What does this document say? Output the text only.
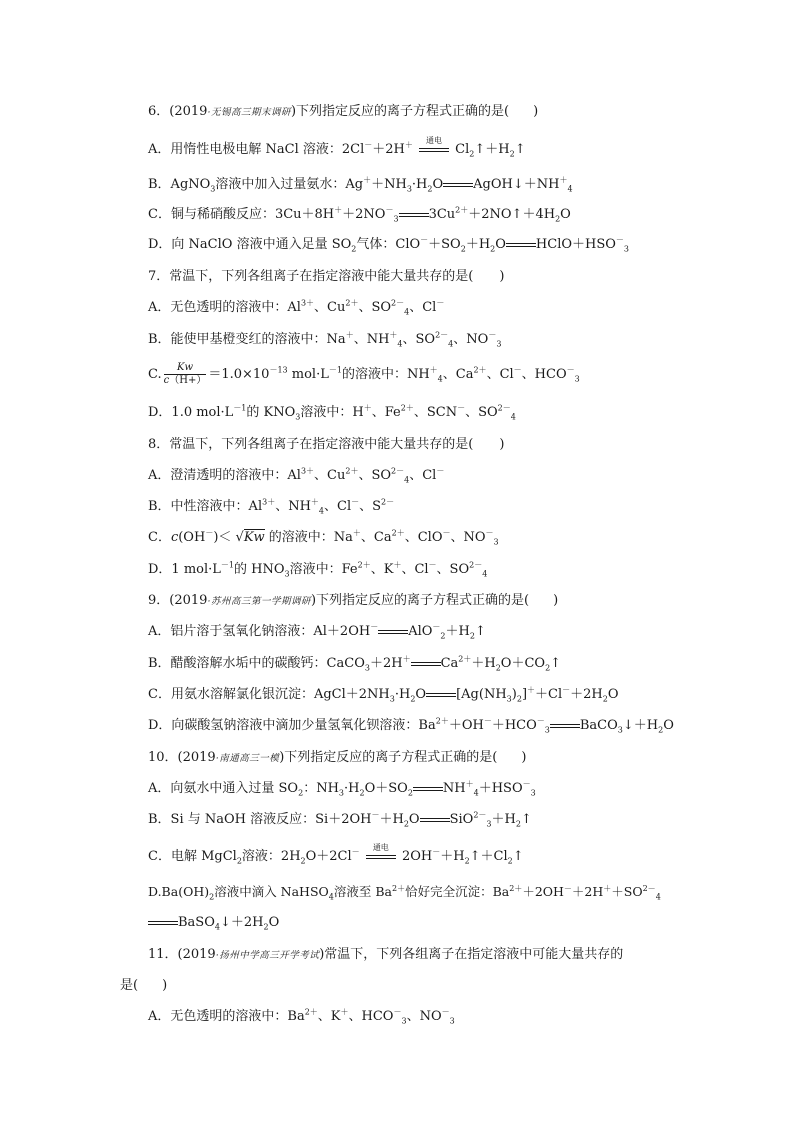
6．(2019·无锡高三期末调研)下列指定反应的离子方程式正确的是( )
A．用惰性电极电解 NaCl 溶液：2Cl－＋2H＋
通电
$Cl_2↑+H_2↑$
B．AgNO$_3$溶液中加入过量氨水：$Ag^++NH_3\cdot H_2O$ $AgOH↓+NH^+_4$
C．铜与稀硝酸反应：$3Cu+8H^++2NO^-_3$ $3Cu^{2+}+2NO↑+4H_2O$
D．向 NaClO 溶液中通入足量 $SO_2$气体：$ClO^-+SO_2+H_2O$ $HClO+HSO^-_3$
7．常温下，下列各组离子在指定溶液中能大量共存的是(　　)
A．无色透明的溶液中：$Al^{3+}$、$Cu^{2+}$、$SO^{2-}_4$、Cl－
B．能使甲基橙变红的溶液中：Na＋、$NH^+_4$、$SO^{2-}_4$、$NO^-_3$
C. $\frac{Kw}{c(H+)} =1.0\times 10^{-13}$ $mol\cdot L^{-1}$的溶液中：$NH^+_4$、$Ca^{2+}$、Cl－、$HCO^-_3$
D．1.0 $mol\cdot L^{-1}$的 $KNO_3$溶液中：H＋、$Fe^{2+}$、SCN－、$SO^{2-}_4$
8．常温下，下列各组离子在指定溶液中能大量共存的是(　　)
A．澄清透明的溶液中：$Al^{3+}$、$Cu^{2+}$、$SO^{2-}_4$、Cl－
B．中性溶液中：$Al^{3+}$、$NH^+_4$、Cl－、$S^{2-}$
C．c(OH－)＜ √Kw 的溶液中：Na＋、$Ca^{2+}$、ClO－、$NO^-_3$
D．1 $mol\cdot L^{-1}$的 $HNO_3$溶液中：$Fe^{2+}$、K＋、Cl－、$SO^{2-}_4$
9．(2019·苏州高三第一学期调研)下列指定反应的离子方程式正确的是( )
A．铝片溶于氢氧化钠溶液：Al＋2OH－ $AlO^-_2+H_2↑$
B．醋酸溶解水垢中的碳酸钙：CaCO$_3$＋2H＋ $Ca^{2+}+H_2O+CO_2↑$
C．用氨水溶解氯化银沉淀：$AgCl+2NH_3\cdot H_2O$ $[Ag(NH_3)_2]^++Cl^-+2H_2O$
D．向碳酸氢钠溶液中滴加少量氢氧化钡溶液：$Ba^{2+}+OH^-+HCO^-_3$ $BaCO_3↓+H_2O$
10．(2019·南通高三一模)下列指定反应的离子方程式正确的是( )
A．向氨水中通入过量 $SO_2$：$NH_3\cdot H_2O+SO_2$ $NH^+_4+HSO^-_3$
B．Si 与 NaOH 溶液反应：$Si+2OH^-+H_2O$ $SiO^{2-}_3+H_2↑$
C．电解 MgCl$_2$溶液：$2H_2O+2Cl^-$
通电
$2OH^-+H_2↑+Cl_2↑$
$D.Ba(OH)_2$溶液中滴入 NaHSO$_4$溶液至 $Ba^{2+}$恰好完全沉淀：$Ba^{2+}+2OH^-+2H^++SO^{2-}_4$
$BaSO_4↓+2H_2O$
11．(2019·扬州中学高三开学考试)常温下，下列各组离子在指定溶液中可能大量共存的
是( )
A．无色透明的溶液中：$Ba^{2+}$、K＋、$HCO^-_3$、$NO^-_3$
